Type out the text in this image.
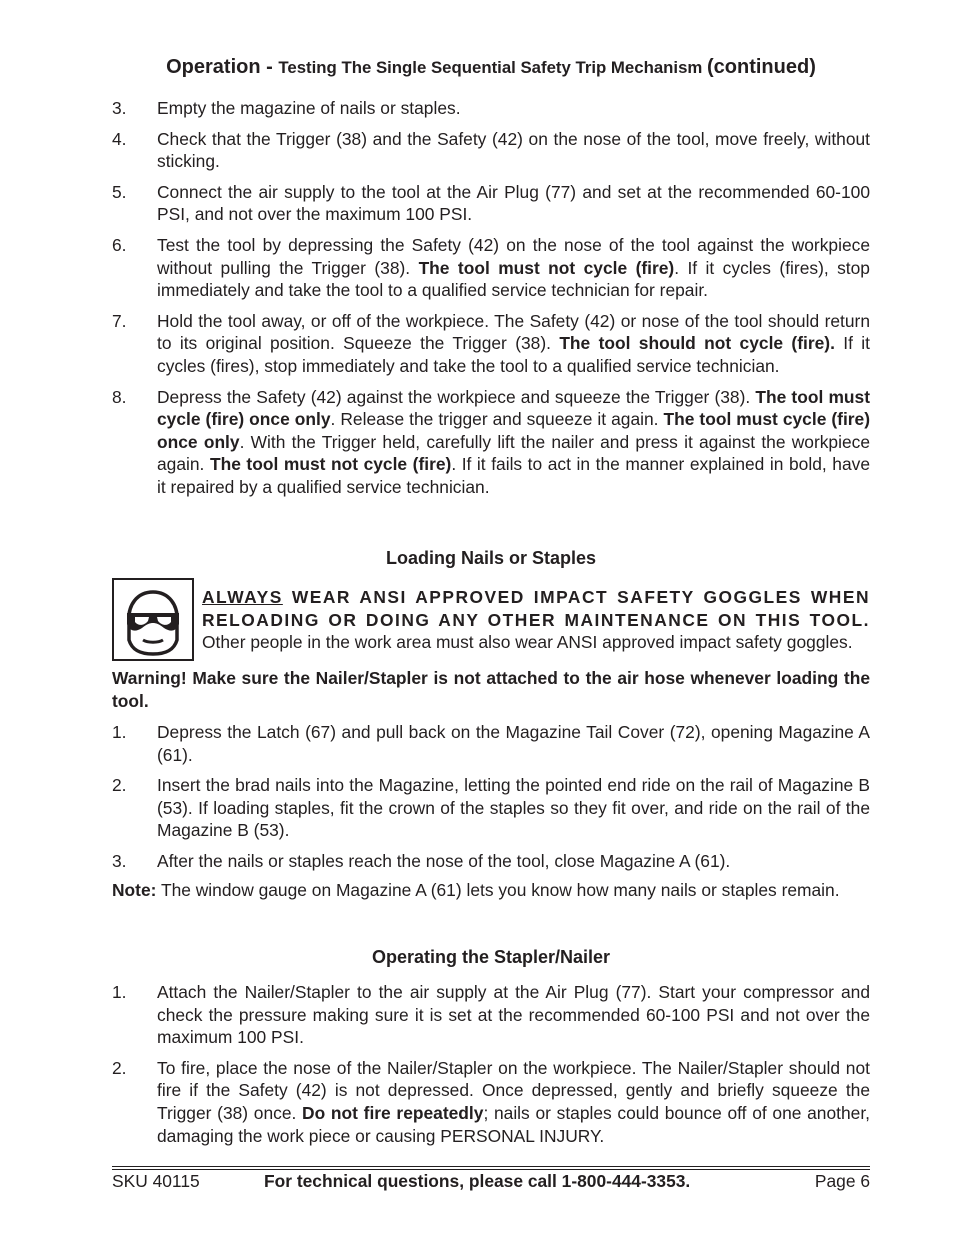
Operation - Testing The Single Sequential Safety Trip Mechanism (continued)
3. Empty the magazine of nails or staples.
4. Check that the Trigger (38) and the Safety (42) on the nose of the tool, move freely, without sticking.
5. Connect the air supply to the tool at the Air Plug (77) and set at the recommended 60-100 PSI, and not over the maximum 100 PSI.
6. Test the tool by depressing the Safety (42) on the nose of the tool against the workpiece without pulling the Trigger (38). The tool must not cycle (fire). If it cycles (fires), stop immediately and take the tool to a qualified service technician for repair.
7. Hold the tool away, or off of the workpiece. The Safety (42) or nose of the tool should return to its original position. Squeeze the Trigger (38). The tool should not cycle (fire). If it cycles (fires), stop immediately and take the tool to a qualified service technician.
8. Depress the Safety (42) against the workpiece and squeeze the Trigger (38). The tool must cycle (fire) once only. Release the trigger and squeeze it again. The tool must cycle (fire) once only. With the Trigger held, carefully lift the nailer and press it against the workpiece again. The tool must not cycle (fire). If it fails to act in the manner explained in bold, have it repaired by a qualified service technician.
Loading Nails or Staples
ALWAYS WEAR ANSI APPROVED IMPACT SAFETY GOGGLES WHEN RELOADING OR DOING ANY OTHER MAINTENANCE ON THIS TOOL. Other people in the work area must also wear ANSI approved impact safety goggles.
Warning! Make sure the Nailer/Stapler is not attached to the air hose whenever loading the tool.
1. Depress the Latch (67) and pull back on the Magazine Tail Cover (72), opening Magazine A (61).
2. Insert the brad nails into the Magazine, letting the pointed end ride on the rail of Magazine B (53). If loading staples, fit the crown of the staples so they fit over, and ride on the rail of the Magazine B (53).
3. After the nails or staples reach the nose of the tool, close Magazine A (61).
Note: The window gauge on Magazine A (61) lets you know how many nails or staples remain.
Operating the Stapler/Nailer
1. Attach the Nailer/Stapler to the air supply at the Air Plug (77). Start your compressor and check the pressure making sure it is set at the recommended 60-100 PSI and not over the maximum 100 PSI.
2. To fire, place the nose of the Nailer/Stapler on the workpiece. The Nailer/Stapler should not fire if the Safety (42) is not depressed. Once depressed, gently and briefly squeeze the Trigger (38) once. Do not fire repeatedly; nails or staples could bounce off of one another, damaging the work piece or causing PERSONAL INJURY.
SKU 40115	For technical questions, please call 1-800-444-3353.	Page 6
